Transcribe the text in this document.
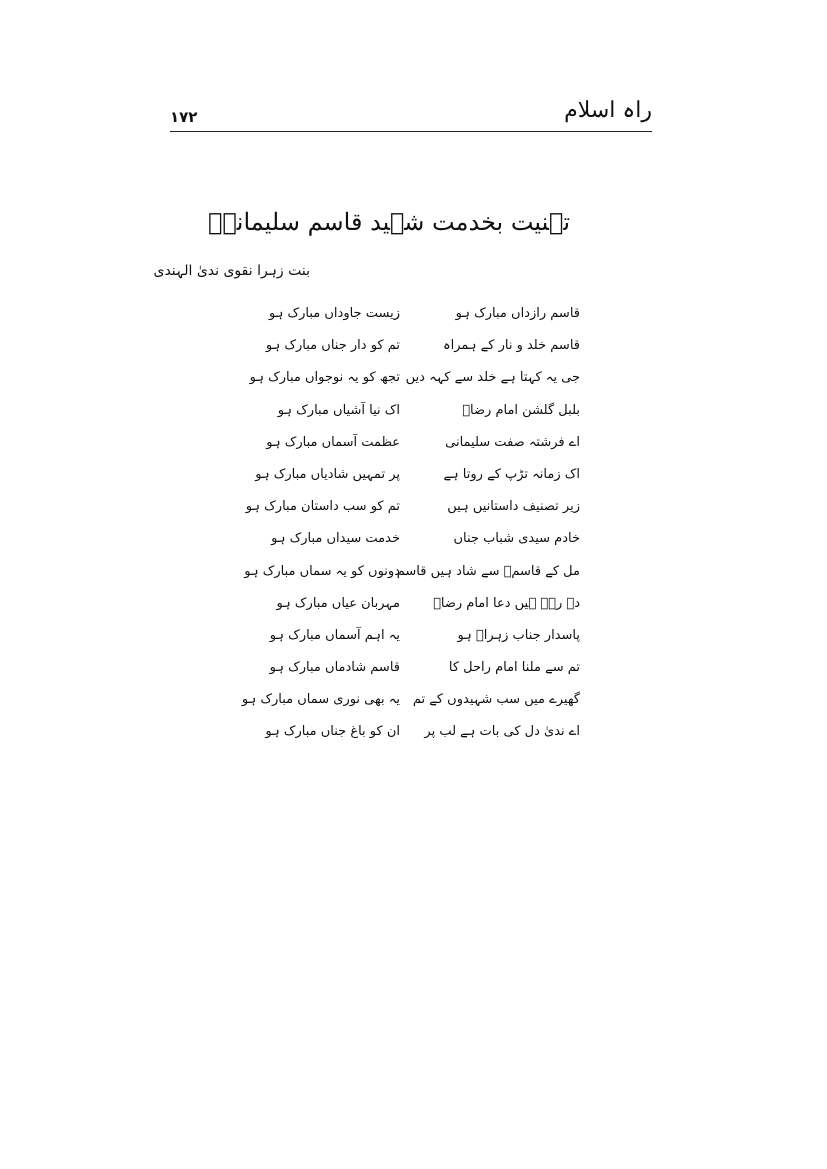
راہ اسلام
۱۷۲
تہنیت بخدمت شہید قاسم سلیمانیؒ
بنت زہرا نقوی ندیٰ الہندی
قاسم رازداں مبارک ہو
زیست جاوداں مبارک ہو
قاسم خلد و نار کے ہمراہ
تم کو دار جناں مبارک ہو
جی یہ کہتا ہے خلد سے کہہ دیں
تجھ کو یہ نوجواں مبارک ہو
بلبل گلشن امام رضاؑ
اک نیا آشیاں مبارک ہو
اے فرشتہ صفت سلیمانی
عظمت آسماں مبارک ہو
اک زمانہ تڑپ کے روتا ہے
پر تمہیں شادیاں مبارک ہو
زیر تصنیف داستانیں ہیں
تم کو سب داستان مبارک ہو
خادم سیدی شباب جناں
خدمت سیداں مبارک ہو
مل کے قاسمؑ سے شاد ہیں قاسم
دونوں کو یہ سماں مبارک ہو
دے رہے ہیں دعا امام رضاؑ
مہربان عیاں مبارک ہو
پاسدار جناب زہراؑ ہو
یہ اہم آسماں مبارک ہو
تم سے ملنا امام راحل کا
قاسم شادماں مبارک ہو
گھیرے میں سب شہیدوں کے تم
یہ بھی نوری سماں مبارک ہو
اے ندیٰ دل کی بات ہے لب پر
ان کو باغ جناں مبارک ہو
